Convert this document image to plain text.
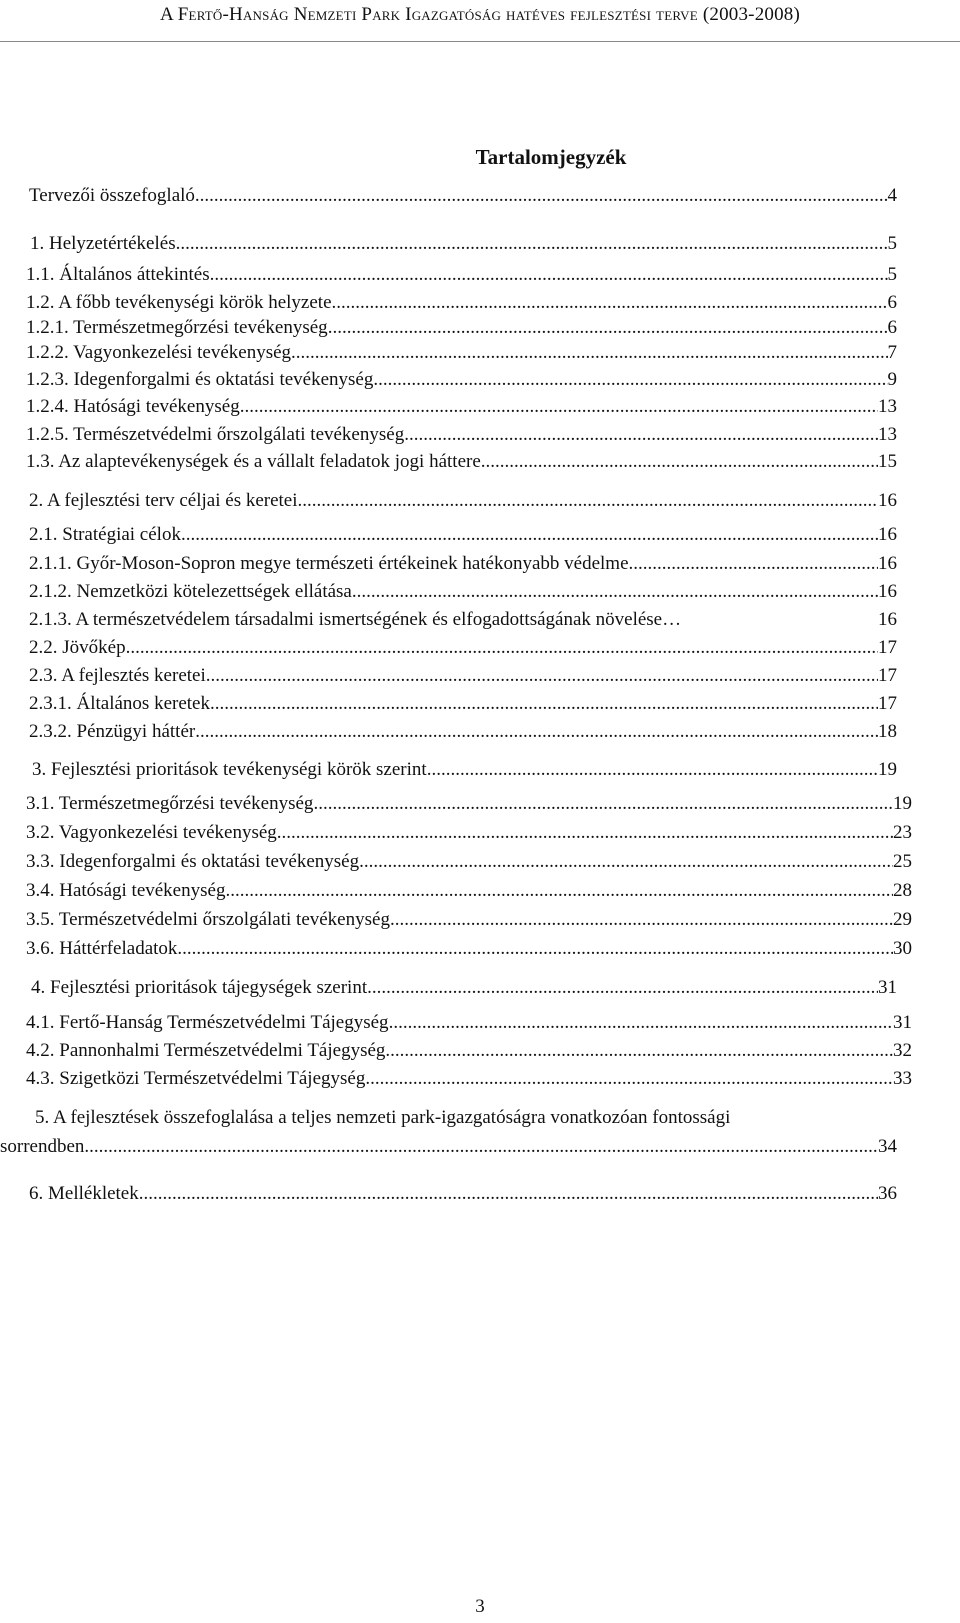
A Fertő-Hanság Nemzeti Park Igazgatóság hatéves fejlesztési terve (2003-2008)
Tartalomjegyzék
Tervezői összefoglaló .....	4
1. Helyzetértékelés .....	5
1.1. Általános áttekintés .....	5
1.2. A főbb tevékenységi körök helyzete .....	6
1.2.1. Természetmegőrzési tevékenység .....	6
1.2.2. Vagyonkezelési tevékenység .....	7
1.2.3. Idegenforgalmi és oktatási tevékenység .....	9
1.2.4. Hatósági tevékenység .....	13
1.2.5. Természetvédelmi őrszolgálati tevékenység .....	13
1.3. Az alaptevékenységek és a vállalt feladatok jogi háttere .....	15
2. A fejlesztési terv céljai és keretei .....	16
2.1. Stratégiai célok .....	16
2.1.1. Győr-Moson-Sopron megye természeti értékeinek hatékonyabb védelme .....	16
2.1.2. Nemzetközi kötelezettségek ellátása .....	16
2.1.3. A természetvédelem társadalmi ismertségének és elfogadottságának növelése …	16
2.2. Jövőkép .....	17
2.3. A fejlesztés keretei .....	17
2.3.1. Általános keretek .....	17
2.3.2. Pénzügyi háttér .....	18
3. Fejlesztési prioritások tevékenységi körök szerint .....	19
3.1. Természetmegőrzési tevékenység .....	19
3.2. Vagyonkezelési tevékenység .....	23
3.3. Idegenforgalmi és oktatási tevékenység .....	25
3.4. Hatósági tevékenység .....	28
3.5. Természetvédelmi őrszolgálati tevékenység .....	29
3.6. Háttérfeladatok .....	30
4. Fejlesztési prioritások tájegységek szerint .....	31
4.1. Fertő-Hanság Természetvédelmi Tájegység .....	31
4.2. Pannonhalmi Természetvédelmi Tájegység .....	32
4.3. Szigetközi Természetvédelmi Tájegység .....	33
5. A fejlesztések összefoglalása a teljes nemzeti park-igazgatóságra vonatkozóan fontossági
sorrendben .....	34
6. Mellékletek .....	36
3
